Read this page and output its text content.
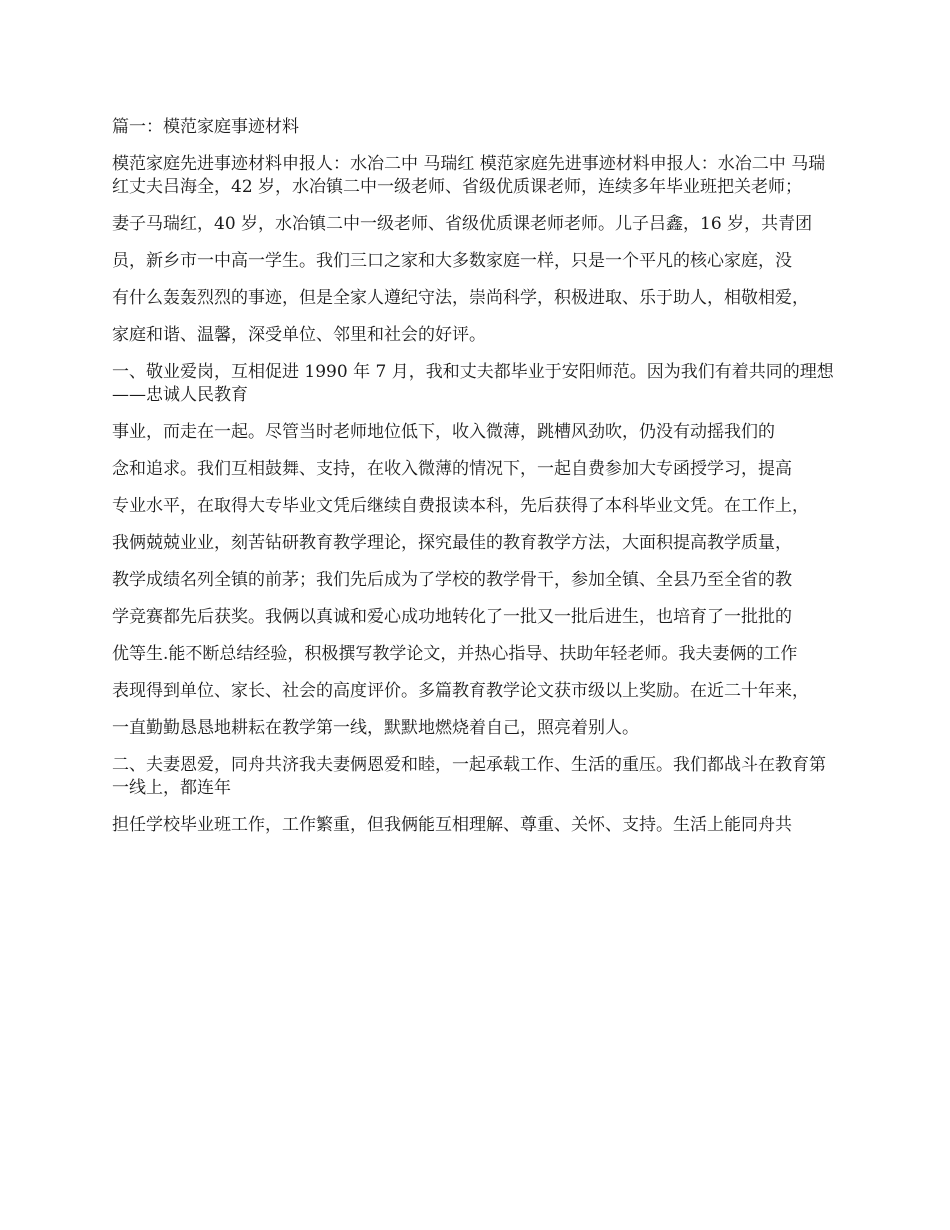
篇一：模范家庭事迹材料

模范家庭先进事迹材料申报人：水冶二中 马瑞红 模范家庭先进事迹材料申报人：水冶二中 马瑞红丈夫吕海全，42 岁，水冶镇二中一级老师、省级优质课老师，连续多年毕业班把关老师；

妻子马瑞红，40 岁，水冶镇二中一级老师、省级优质课老师老师。儿子吕鑫，16 岁，共青团

员，新乡市一中高一学生。我们三口之家和大多数家庭一样，只是一个平凡的核心家庭，没

有什么轰轰烈烈的事迹，但是全家人遵纪守法，崇尚科学，积极进取、乐于助人，相敬相爱，

家庭和谐、温馨，深受单位、邻里和社会的好评。

一、敬业爱岗，互相促进 1990 年 7 月，我和丈夫都毕业于安阳师范。因为我们有着共同的理想——忠诚人民教育

事业，而走在一起。尽管当时老师地位低下，收入微薄，跳槽风劲吹，仍没有动摇我们的

念和追求。我们互相鼓舞、支持，在收入微薄的情况下，一起自费参加大专函授学习，提高

专业水平，在取得大专毕业文凭后继续自费报读本科，先后获得了本科毕业文凭。在工作上，

我俩兢兢业业，刻苦钻研教育教学理论，探究最佳的教育教学方法，大面积提高教学质量，

教学成绩名列全镇的前茅；我们先后成为了学校的教学骨干，参加全镇、全县乃至全省的教

学竞赛都先后获奖。我俩以真诚和爱心成功地转化了一批又一批后进生，也培育了一批批的

优等生.能不断总结经验，积极撰写教学论文，并热心指导、扶助年轻老师。我夫妻俩的工作

表现得到单位、家长、社会的高度评价。多篇教育教学论文获市级以上奖励。在近二十年来，

一直勤勤恳恳地耕耘在教学第一线，默默地燃烧着自己，照亮着别人。

二、夫妻恩爱，同舟共济我夫妻俩恩爱和睦，一起承载工作、生活的重压。我们都战斗在教育第一线上，都连年

担任学校毕业班工作，工作繁重，但我俩能互相理解、尊重、关怀、支持。生活上能同舟共
